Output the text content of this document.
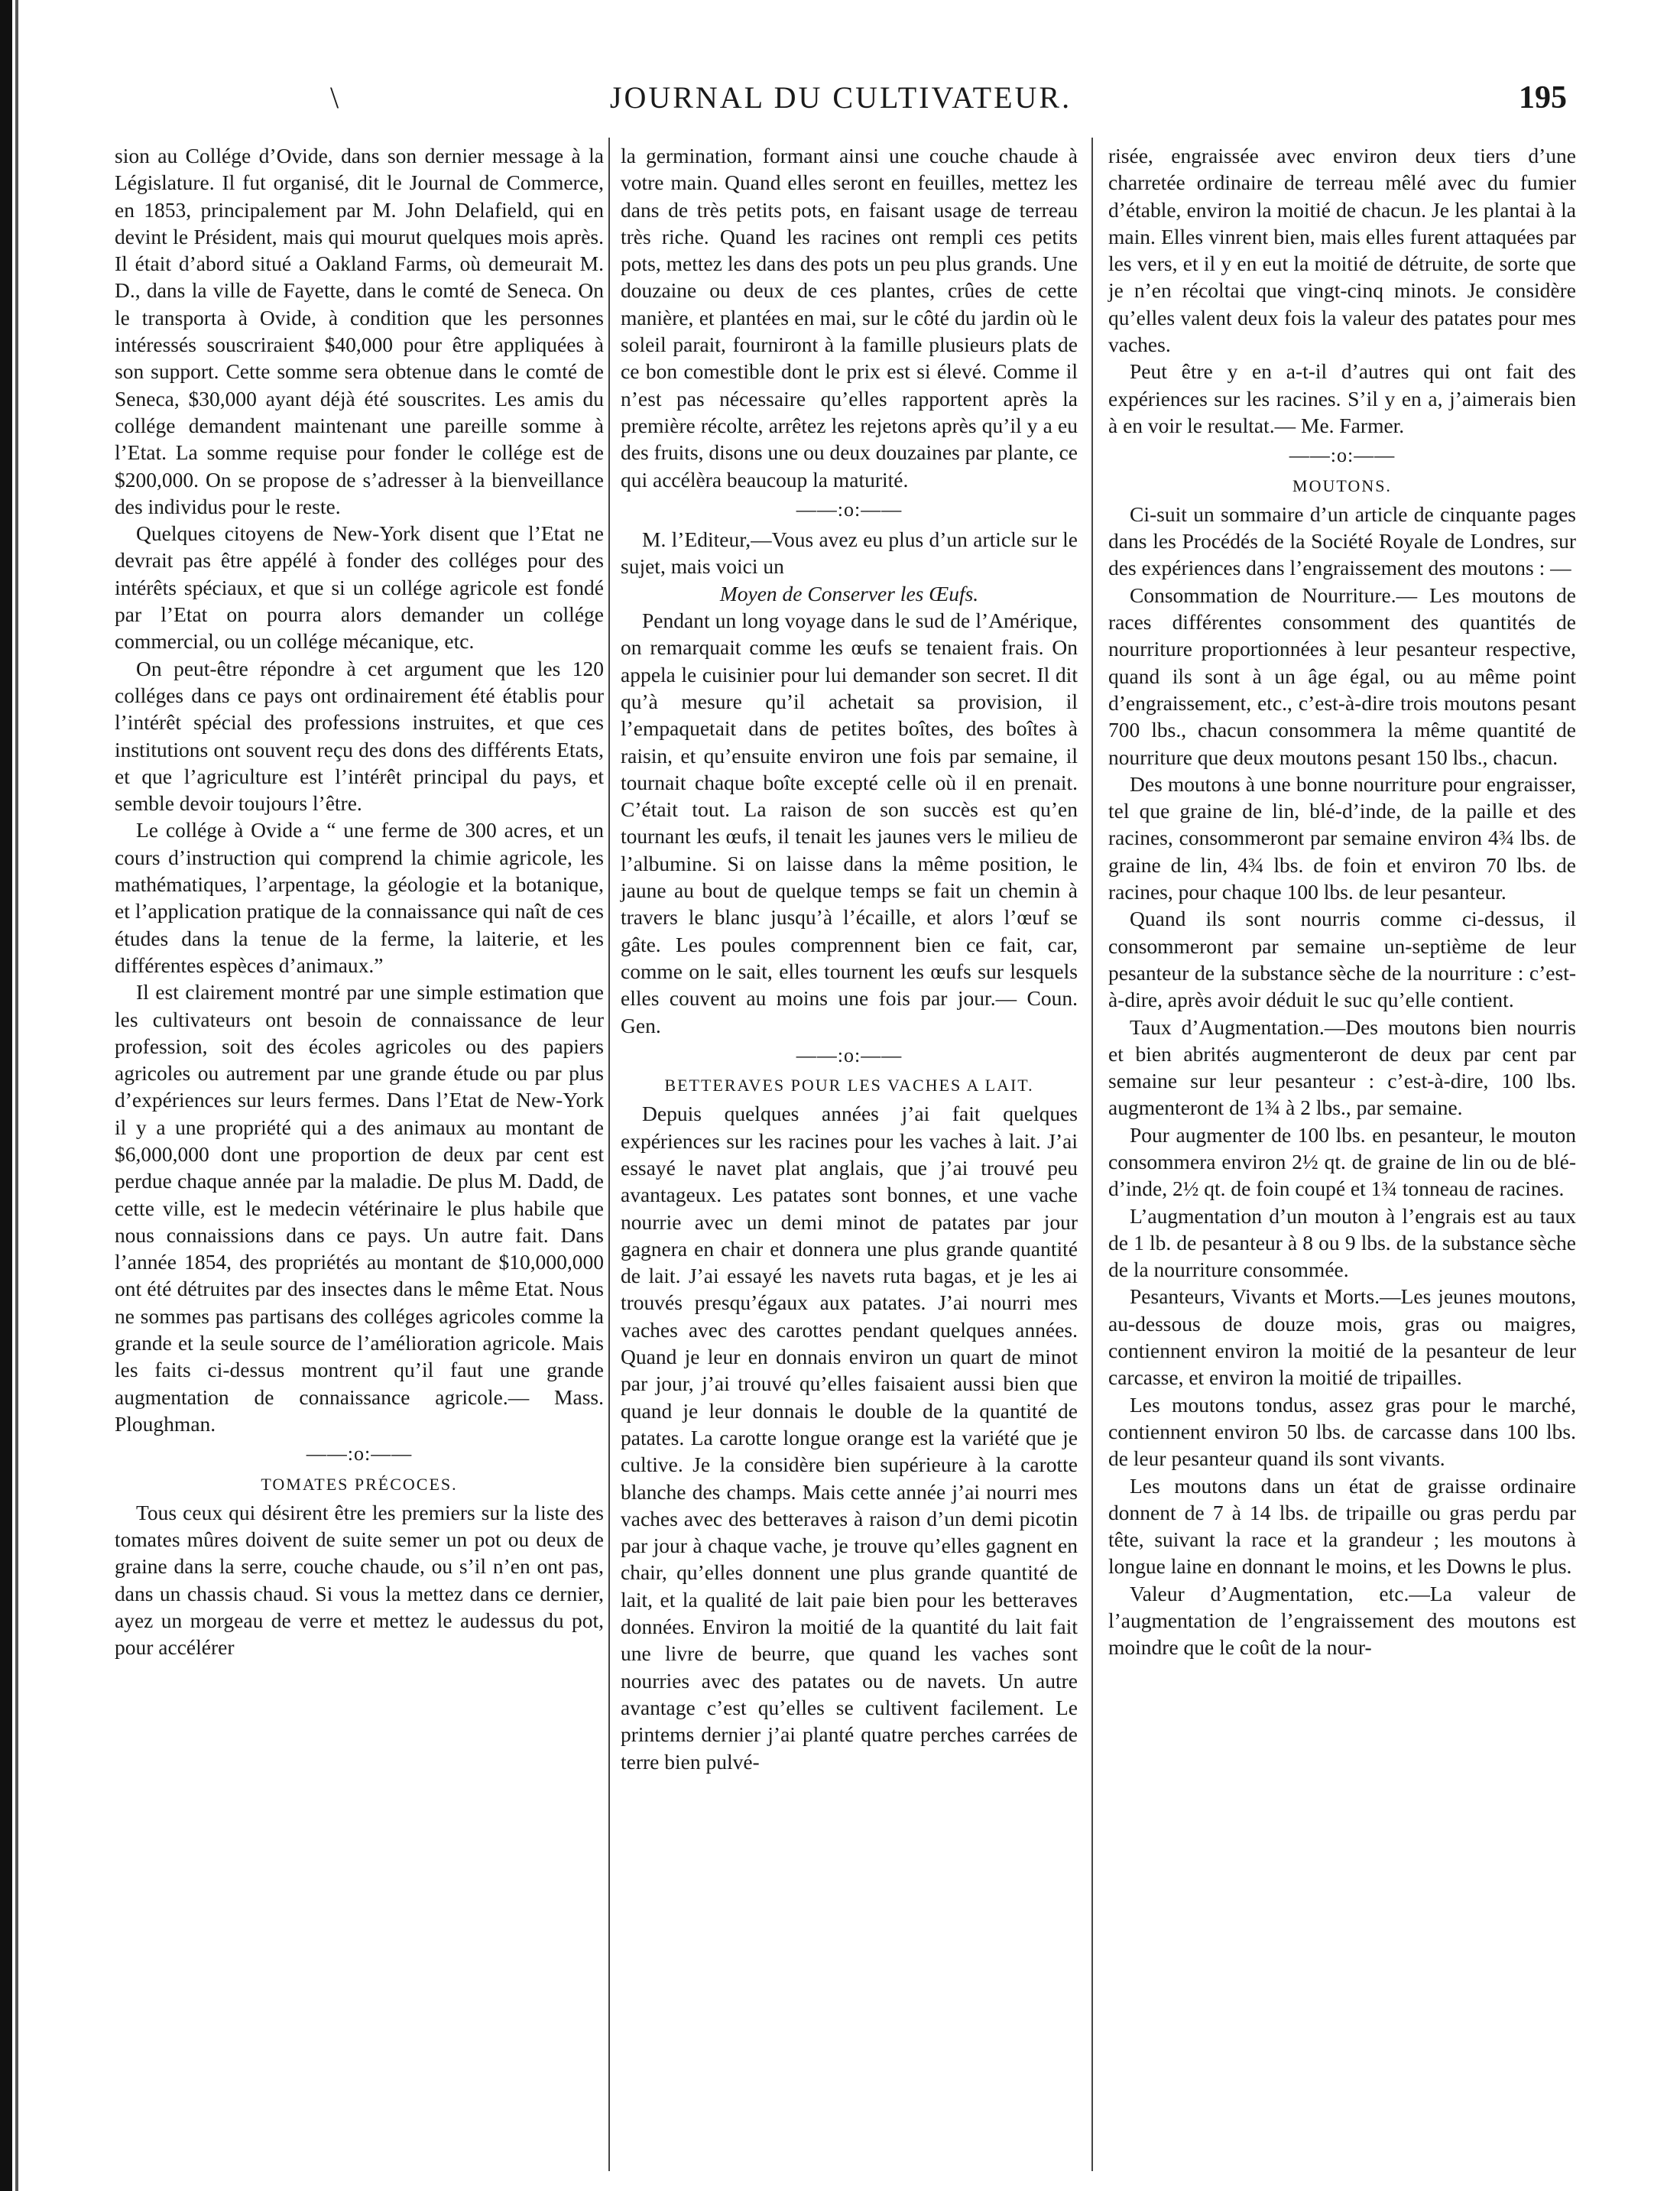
\	JOURNAL DU CULTIVATEUR.	195

sion au Collége d’Ovide, dans son dernier message à la Législature. Il fut organisé, dit le Journal de Commerce, en 1853, principalement par M. John Delafield, qui en devint le Président, mais qui mourut quelques mois après. Il était d’abord situé a Oakland Farms, où demeurait M. D., dans la ville de Fayette, dans le comté de Seneca. On le transporta à Ovide, à condition que les personnes intéressés souscriraient $40,000 pour être appliquées à son support. Cette somme sera obtenue dans le comté de Seneca, $30,000 ayant déjà été souscrites. Les amis du collége demandent maintenant une pareille somme à l’Etat. La somme requise pour fonder le collége est de $200,000. On se propose de s’adresser à la bienveillance des individus pour le reste.

Quelques citoyens de New-York disent que l’Etat ne devrait pas être appélé à fonder des colléges pour des intérêts spéciaux, et que si un collége agricole est fondé par l’Etat on pourra alors demander un collége commercial, ou un collége mécanique, etc.

On peut-être répondre à cet argument que les 120 colléges dans ce pays ont ordinairement été établis pour l’intérêt spécial des professions instruites, et que ces institutions ont souvent reçu des dons des différents Etats, et que l’agriculture est l’intérêt principal du pays, et semble devoir toujours l’être.

Le collége à Ovide a “ une ferme de 300 acres, et un cours d’instruction qui comprend la chimie agricole, les mathématiques, l’arpentage, la géologie et la botanique, et l’application pratique de la connaissance qui naît de ces études dans la tenue de la ferme, la laiterie, et les différentes espèces d’animaux.”

Il est clairement montré par une simple estimation que les cultivateurs ont besoin de connaissance de leur profession, soit des écoles agricoles ou des papiers agricoles ou autrement par une grande étude ou par plus d’expériences sur leurs fermes. Dans l’Etat de New-York il y a une propriété qui a des animaux au montant de $6,000,000 dont une proportion de deux par cent est perdue chaque année par la maladie. De plus M. Dadd, de cette ville, est le medecin vétérinaire le plus habile que nous connaissions dans ce pays. Un autre fait. Dans l’année 1854, des propriétés au montant de $10,000,000 ont été détruites par des insectes dans le même Etat. Nous ne sommes pas partisans des colléges agricoles comme la grande et la seule source de l’amélioration agricole. Mais les faits ci-dessus montrent qu’il faut une grande augmentation de connaissance agricole.— Mass. Ploughman.

——:o:——
TOMATES PRÉCOCES.

Tous ceux qui désirent être les premiers sur la liste des tomates mûres doivent de suite semer un pot ou deux de graine dans la serre, couche chaude, ou s’il n’en ont pas, dans un chassis chaud. Si vous la mettez dans ce dernier, ayez un morgeau de verre et mettez le audessus du pot, pour accélérer

la germination, formant ainsi une couche chaude à votre main. Quand elles seront en feuilles, mettez les dans de très petits pots, en faisant usage de terreau très riche. Quand les racines ont rempli ces petits pots, mettez les dans des pots un peu plus grands. Une douzaine ou deux de ces plantes, crûes de cette manière, et plantées en mai, sur le côté du jardin où le soleil parait, fourniront à la famille plusieurs plats de ce bon comestible dont le prix est si élevé. Comme il n’est pas nécessaire qu’elles rapportent après la première récolte, arrêtez les rejetons après qu’il y a eu des fruits, disons une ou deux douzaines par plante, ce qui accélèra beaucoup la maturité.

——:o:——

M. l’Editeur,—Vous avez eu plus d’un article sur le sujet, mais voici un

Moyen de Conserver les Œufs.

Pendant un long voyage dans le sud de l’Amérique, on remarquait comme les œufs se tenaient frais. On appela le cuisinier pour lui demander son secret. Il dit qu’à mesure qu’il achetait sa provision, il l’empaquetait dans de petites boîtes, des boîtes à raisin, et qu’ensuite environ une fois par semaine, il tournait chaque boîte excepté celle où il en prenait. C’était tout. La raison de son succès est qu’en tournant les œufs, il tenait les jaunes vers le milieu de l’albumine. Si on laisse dans la même position, le jaune au bout de quelque temps se fait un chemin à travers le blanc jusqu’à l’écaille, et alors l’œuf se gâte. Les poules comprennent bien ce fait, car, comme on le sait, elles tournent les œufs sur lesquels elles couvent au moins une fois par jour.— Coun. Gen.

——:o:——
BETTERAVES POUR LES VACHES A LAIT.

Depuis quelques années j’ai fait quelques expériences sur les racines pour les vaches à lait. J’ai essayé le navet plat anglais, que j’ai trouvé peu avantageux. Les patates sont bonnes, et une vache nourrie avec un demi minot de patates par jour gagnera en chair et donnera une plus grande quantité de lait. J’ai essayé les navets ruta bagas, et je les ai trouvés presqu’égaux aux patates. J’ai nourri mes vaches avec des carottes pendant quelques années. Quand je leur en donnais environ un quart de minot par jour, j’ai trouvé qu’elles faisaient aussi bien que quand je leur donnais le double de la quantité de patates. La carotte longue orange est la variété que je cultive. Je la considère bien supérieure à la carotte blanche des champs. Mais cette année j’ai nourri mes vaches avec des betteraves à raison d’un demi picotin par jour à chaque vache, je trouve qu’elles gagnent en chair, qu’elles donnent une plus grande quantité de lait, et la qualité de lait paie bien pour les betteraves données. Environ la moitié de la quantité du lait fait une livre de beurre, que quand les vaches sont nourries avec des patates ou de navets. Un autre avantage c’est qu’elles se cultivent facilement. Le printems dernier j’ai planté quatre perches carrées de terre bien pulvé-

risée, engraissée avec environ deux tiers d’une charretée ordinaire de terreau mêlé avec du fumier d’étable, environ la moitié de chacun. Je les plantai à la main. Elles vinrent bien, mais elles furent attaquées par les vers, et il y en eut la moitié de détruite, de sorte que je n’en récoltai que vingt-cinq minots. Je considère qu’elles valent deux fois la valeur des patates pour mes vaches.

Peut être y en a-t-il d’autres qui ont fait des expériences sur les racines. S’il y en a, j’aimerais bien à en voir le resultat.— Me. Farmer.

——:o:——
MOUTONS.

Ci-suit un sommaire d’un article de cinquante pages dans les Procédés de la Société Royale de Londres, sur des expériences dans l’engraissement des moutons : —

Consommation de Nourriture.— Les moutons de races différentes consomment des quantités de nourriture proportionnées à leur pesanteur respective, quand ils sont à un âge égal, ou au même point d’engraissement, etc., c’est-à-dire trois moutons pesant 700 lbs., chacun consommera la même quantité de nourriture que deux moutons pesant 150 lbs., chacun.

Des moutons à une bonne nourriture pour engraisser, tel que graine de lin, blé-d’inde, de la paille et des racines, consommeront par semaine environ 4¾ lbs. de graine de lin, 4¾ lbs. de foin et environ 70 lbs. de racines, pour chaque 100 lbs. de leur pesanteur.

Quand ils sont nourris comme ci-dessus, il consommeront par semaine un-septième de leur pesanteur de la substance sèche de la nourriture : c’est-à-dire, après avoir déduit le suc qu’elle contient.

Taux d’Augmentation.—Des moutons bien nourris et bien abrités augmenteront de deux par cent par semaine sur leur pesanteur : c’est-à-dire, 100 lbs. augmenteront de 1¾ à 2 lbs., par semaine.

Pour augmenter de 100 lbs. en pesanteur, le mouton consommera environ 2½ qt. de graine de lin ou de blé-d’inde, 2½ qt. de foin coupé et 1¾ tonneau de racines.

L’augmentation d’un mouton à l’engrais est au taux de 1 lb. de pesanteur à 8 ou 9 lbs. de la substance sèche de la nourriture consommée.

Pesanteurs, Vivants et Morts.—Les jeunes moutons, au-dessous de douze mois, gras ou maigres, contiennent environ la moitié de la pesanteur de leur carcasse, et environ la moitié de tripailles.

Les moutons tondus, assez gras pour le marché, contiennent environ 50 lbs. de carcasse dans 100 lbs. de leur pesanteur quand ils sont vivants.

Les moutons dans un état de graisse ordinaire donnent de 7 à 14 lbs. de tripaille ou gras perdu par tête, suivant la race et la grandeur ; les moutons à longue laine en donnant le moins, et les Downs le plus.

Valeur d’Augmentation, etc.—La valeur de l’augmentation de l’engraissement des moutons est moindre que le coût de la nour-
